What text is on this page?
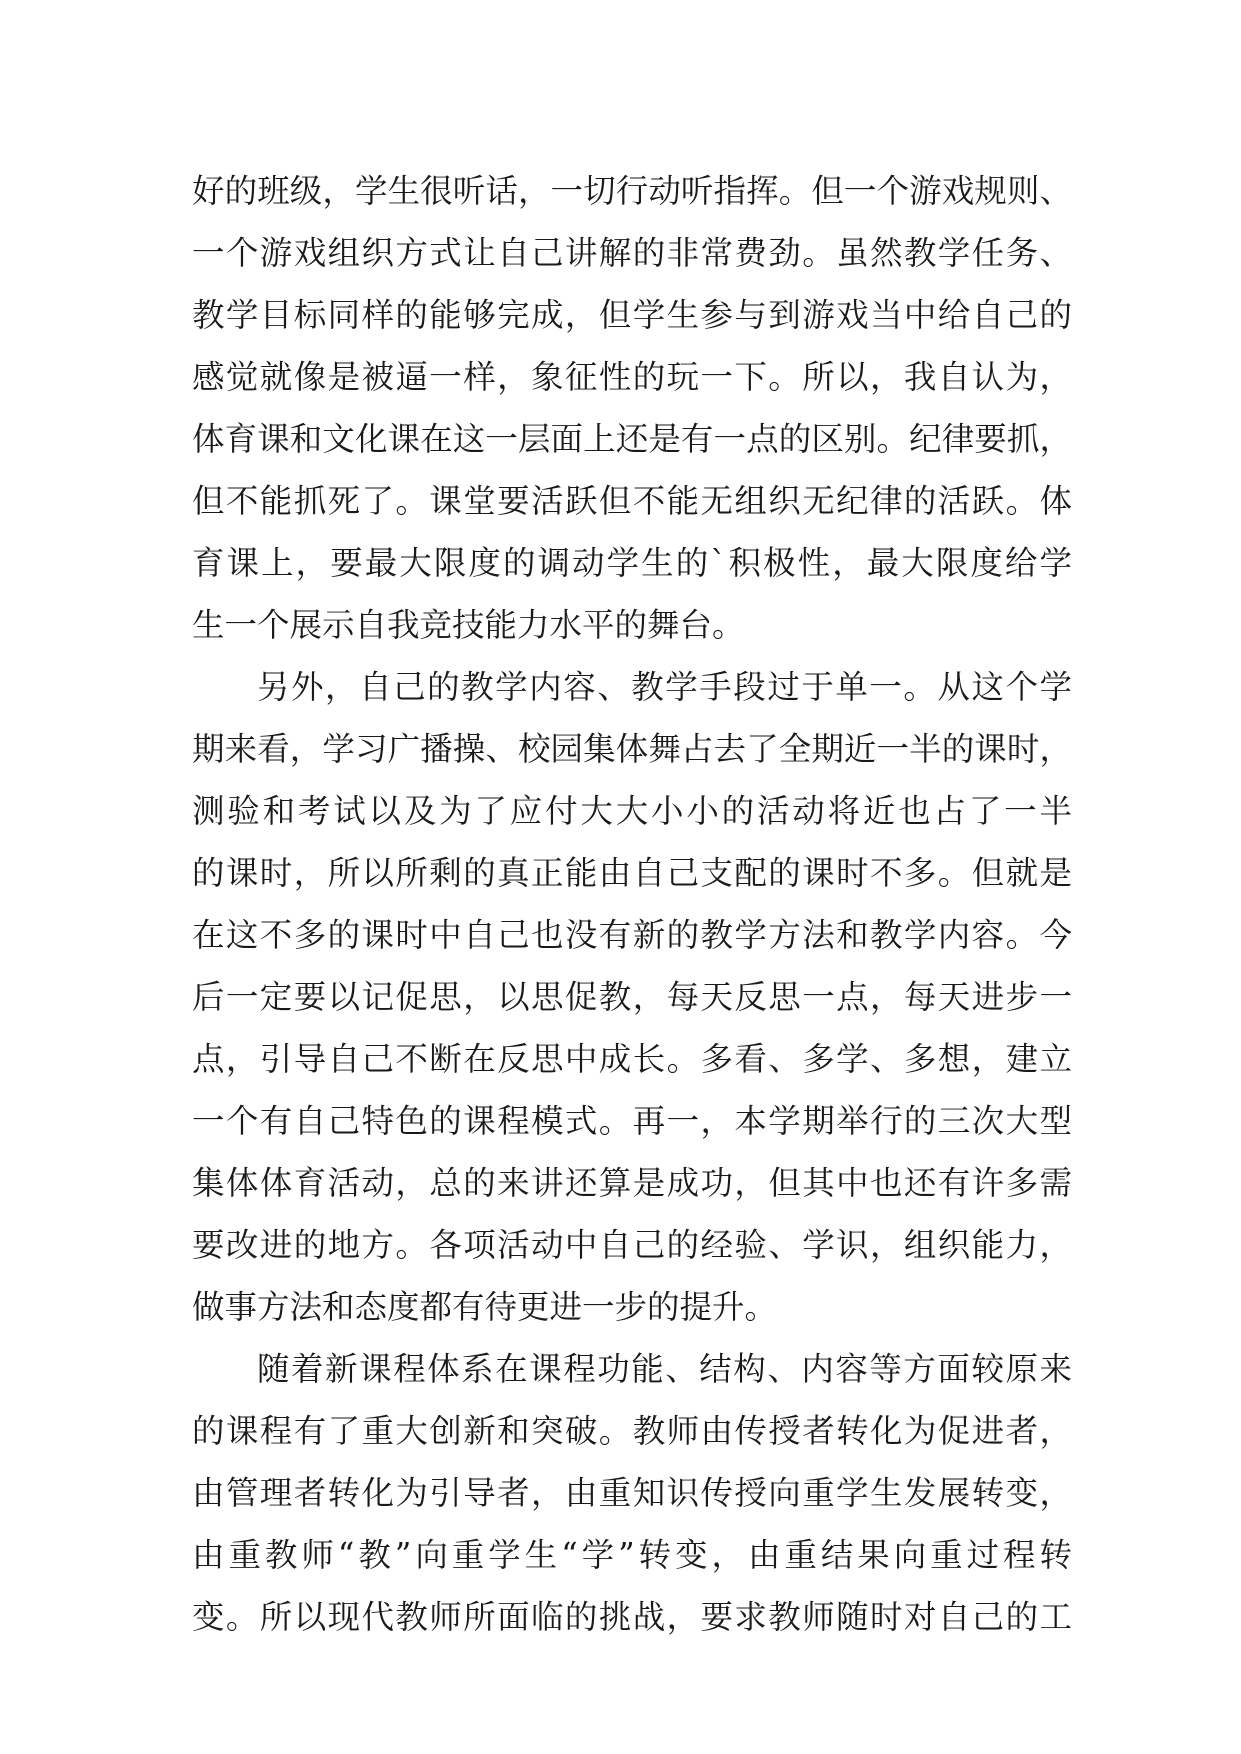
好的班级，学生很听话，一切行动听指挥。但一个游戏规则、
一个游戏组织方式让自己讲解的非常费劲。虽然教学任务、
教学目标同样的能够完成，但学生参与到游戏当中给自己的
感觉就像是被逼一样，象征性的玩一下。所以，我自认为，
体育课和文化课在这一层面上还是有一点的区别。纪律要抓，
但不能抓死了。课堂要活跃但不能无组织无纪律的活跃。体
育课上，要最大限度的调动学生的`积极性，最大限度给学
生一个展示自我竞技能力水平的舞台。
另外，自己的教学内容、教学手段过于单一。从这个学
期来看，学习广播操、校园集体舞占去了全期近一半的课时，
测验和考试以及为了应付大大小小的活动将近也占了一半
的课时，所以所剩的真正能由自己支配的课时不多。但就是
在这不多的课时中自己也没有新的教学方法和教学内容。今
后一定要以记促思，以思促教，每天反思一点，每天进步一
点，引导自己不断在反思中成长。多看、多学、多想，建立
一个有自己特色的课程模式。再一，本学期举行的三次大型
集体体育活动，总的来讲还算是成功，但其中也还有许多需
要改进的地方。各项活动中自己的经验、学识，组织能力，
做事方法和态度都有待更进一步的提升。
随着新课程体系在课程功能、结构、内容等方面较原来
的课程有了重大创新和突破。教师由传授者转化为促进者，
由管理者转化为引导者，由重知识传授向重学生发展转变，
由重教师“教”向重学生“学”转变，由重结果向重过程转
变。所以现代教师所面临的挑战，要求教师随时对自己的工
